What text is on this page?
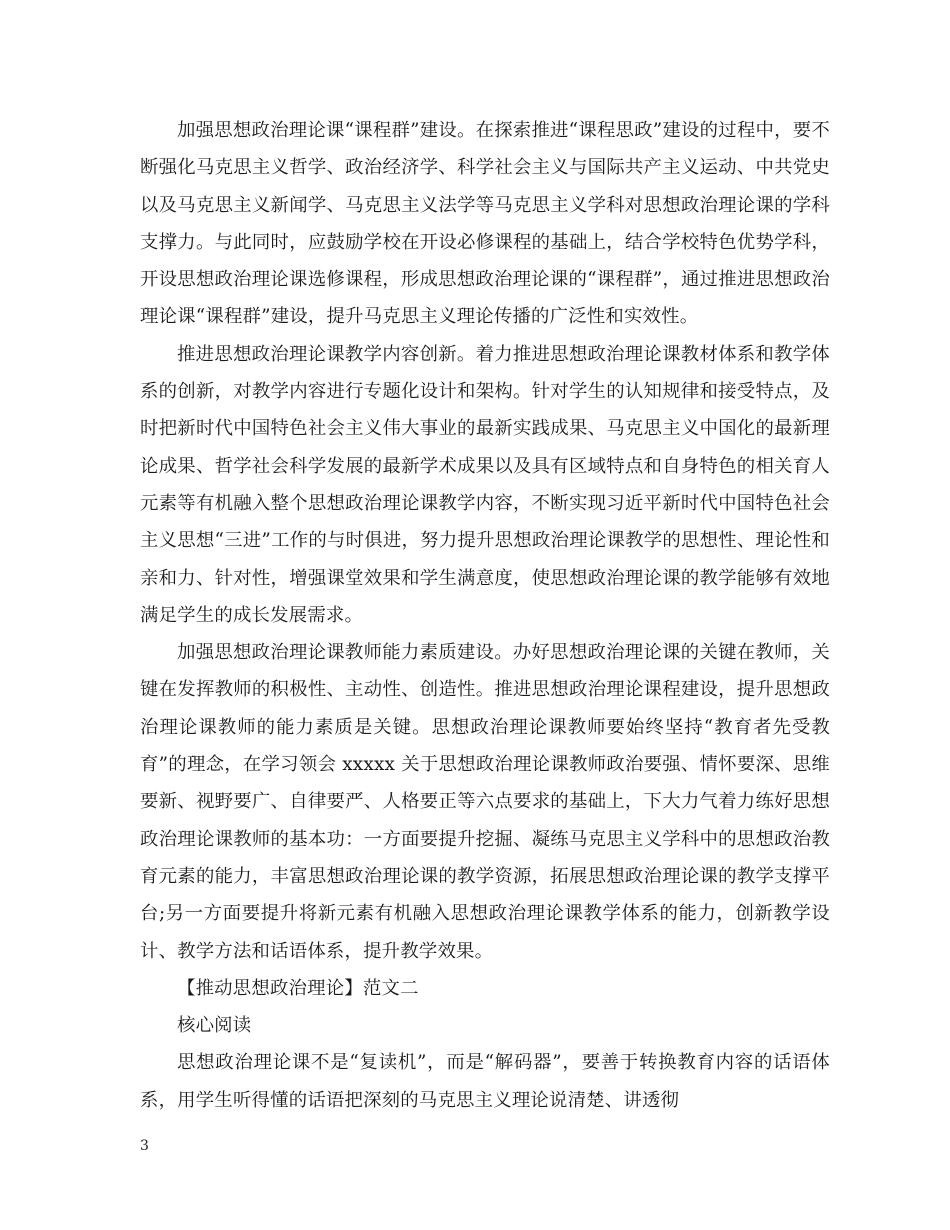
加强思想政治理论课“课程群”建设。在探索推进“课程思政”建设的过程中，要不断强化马克思主义哲学、政治经济学、科学社会主义与国际共产主义运动、中共党史以及马克思主义新闻学、马克思主义法学等马克思主义学科对思想政治理论课的学科支撑力。与此同时，应鼓励学校在开设必修课程的基础上，结合学校特色优势学科，开设思想政治理论课选修课程，形成思想政治理论课的“课程群”，通过推进思想政治理论课“课程群”建设，提升马克思主义理论传播的广泛性和实效性。

推进思想政治理论课教学内容创新。着力推进思想政治理论课教材体系和教学体系的创新，对教学内容进行专题化设计和架构。针对学生的认知规律和接受特点，及时把新时代中国特色社会主义伟大事业的最新实践成果、马克思主义中国化的最新理论成果、哲学社会科学发展的最新学术成果以及具有区域特点和自身特色的相关育人元素等有机融入整个思想政治理论课教学内容，不断实现习近平新时代中国特色社会主义思想“三进”工作的与时俱进，努力提升思想政治理论课教学的思想性、理论性和亲和力、针对性，增强课堂效果和学生满意度，使思想政治理论课的教学能够有效地满足学生的成长发展需求。

加强思想政治理论课教师能力素质建设。办好思想政治理论课的关键在教师，关键在发挥教师的积极性、主动性、创造性。推进思想政治理论课程建设，提升思想政治理论课教师的能力素质是关键。思想政治理论课教师要始终坚持“教育者先受教育”的理念，在学习领会 xxxxx 关于思想政治理论课教师政治要强、情怀要深、思维要新、视野要广、自律要严、人格要正等六点要求的基础上，下大力气着力练好思想政治理论课教师的基本功：一方面要提升挖掘、凝练马克思主义学科中的思想政治教育元素的能力，丰富思想政治理论课的教学资源，拓展思想政治理论课的教学支撑平台;另一方面要提升将新元素有机融入思想政治理论课教学体系的能力，创新教学设计、教学方法和话语体系，提升教学效果。

【推动思想政治理论】范文二

核心阅读

思想政治理论课不是“复读机”，而是“解码器”，要善于转换教育内容的话语体系，用学生听得懂的话语把深刻的马克思主义理论说清楚、讲透彻

3
